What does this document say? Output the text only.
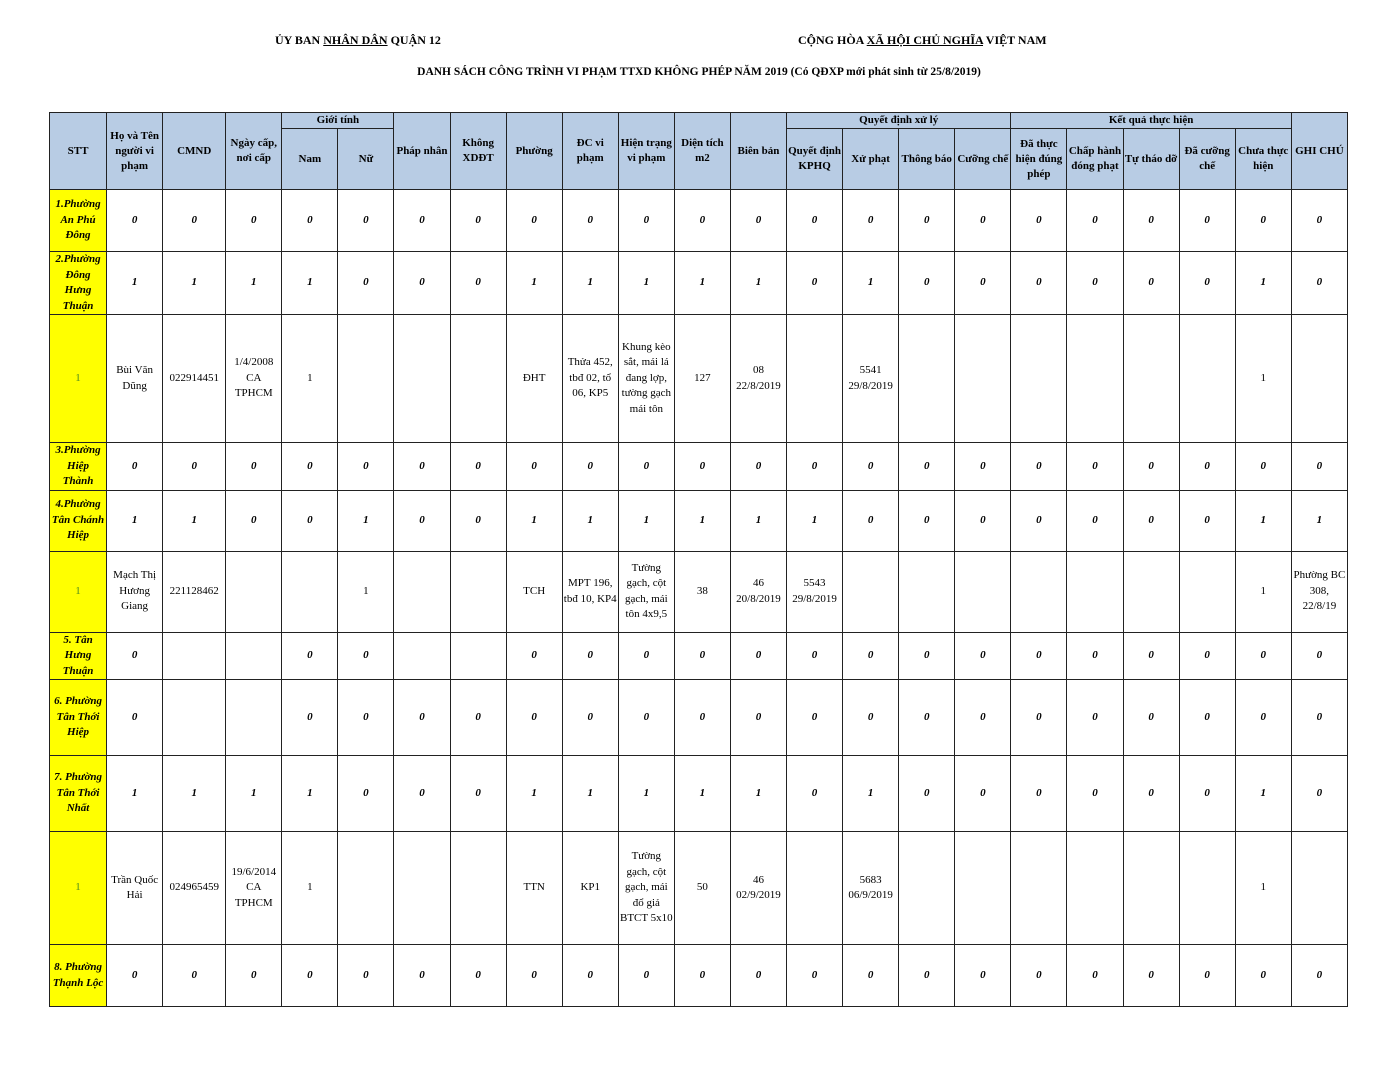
ỦY BAN NHÂN DÂN QUẬN 12	CỘNG HÒA XÃ HỘI CHỦ NGHĨA VIỆT NAM
DANH SÁCH CÔNG TRÌNH VI PHẠM TTXD KHÔNG PHÉP NĂM 2019 (Có QĐXP mới phát sinh từ 25/8/2019)
STT	Họ và Tên người vi phạm	CMND	Ngày cấp, nơi cấp	Giới tính		Pháp nhân	Không XDĐT	Phường	ĐC vi phạm	Hiện trạng vi phạm	Diện tích m2	Biên bản	Quyết định xử lý				Kết quả thực hiện					GHI CHÚ
				Nam	Nữ								Quyết định KPHQ	Xử phạt	Thông báo	Cưỡng chế	Đã thực hiện đúng phép	Chấp hành đóng phạt	Tự tháo dỡ	Đã cưỡng chế	Chưa thực hiện	
1.Phường An Phú Đông	0	0	0	0	0	0	0	0	0	0	0	0	0	0	0	0	0	0	0	0	0	0
2.Phường Đông Hưng Thuận	1	1	1	1	0	0	0	1	1	1	1	1	0	1	0	0	0	0	0	0	1	0
1	Bùi Văn Dũng	022914451	1/4/2008 CA TPHCM	1				ĐHT	Thửa 452, tbđ 02, tổ 06, KP5	Khung kèo sắt, mái lá đang lợp, tường gạch mái tôn	127	08 22/8/2019		5541 29/8/2019							1	
3.Phường Hiệp Thành	0	0	0	0	0	0	0	0	0	0	0	0	0	0	0	0	0	0	0	0	0	0
4.Phường Tân Chánh Hiệp	1	1	0	0	1	0	0	1	1	1	1	1	1	0	0	0	0	0	0	0	1	1
1	Mạch Thị Hương Giang	221128462			1			TCH	MPT 196, tbđ 10, KP4	Tường gạch, cột gạch, mái tôn 4x9,5	38	46 20/8/2019	5543 29/8/2019								1	Phường BC 308, 22/8/19
5. Tân Hưng Thuận	0			0	0			0	0	0	0	0	0	0	0	0	0	0	0	0	0	0
6. Phường Tân Thới Hiệp	0			0	0	0	0	0	0	0	0	0	0	0	0	0	0	0	0	0	0	0
7. Phường Tân Thới Nhất	1	1	1	1	0	0	0	1	1	1	1	1	0	1	0	0	0	0	0	0	1	0
1	Trần Quốc Hải	024965459	19/6/2014 CA TPHCM	1				TTN	KP1	Tường gạch, cột gạch, mái đổ giả BTCT 5x10	50	46 02/9/2019		5683 06/9/2019							1	
8. Phường Thạnh Lộc	0	0	0	0	0	0	0	0	0	0	0	0	0	0	0	0	0	0	0	0	0	0
